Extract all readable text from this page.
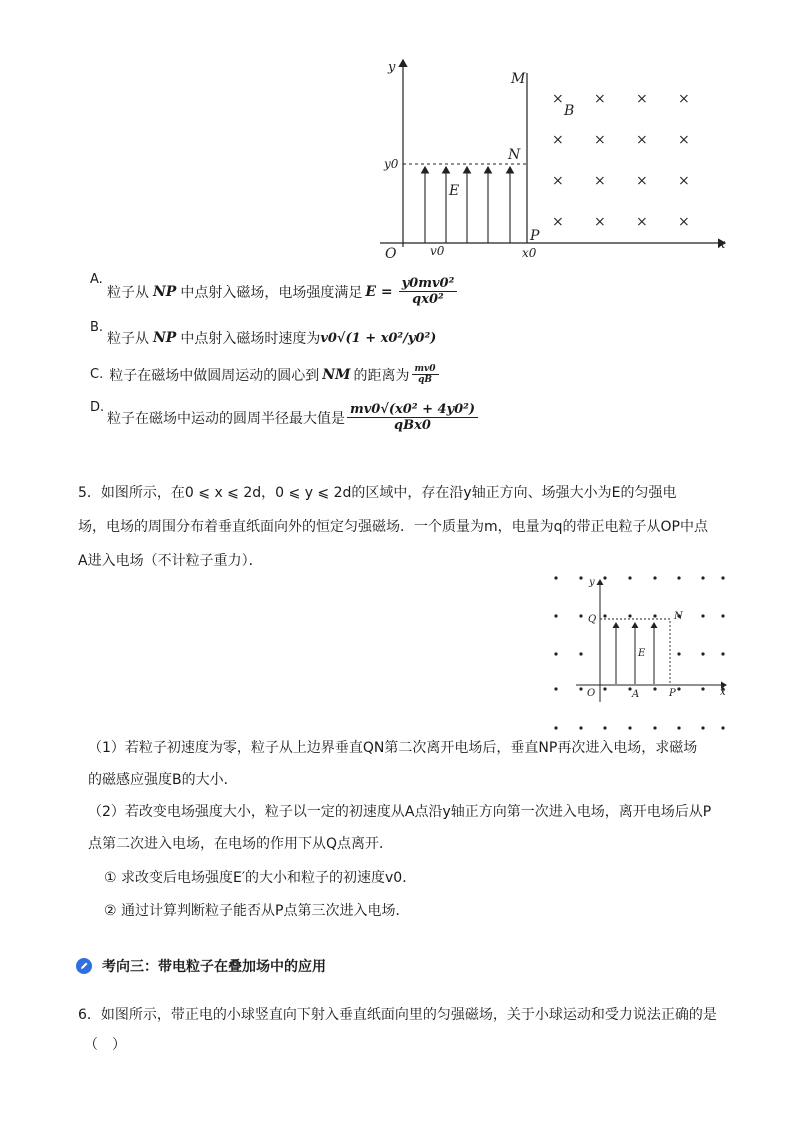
y
x
O
M
N
P
B
E
y0
v0	x0
× × × ×
× × × ×
× × × ×
× × × ×
A.
粒子从 NP 中点射入磁场，电场强度满足 $E = \frac{\text{y0mv0²}}{\text{qx0²}}$
B.
粒子从 NP 中点射入磁场时速度为 v0√(1 + x0²/y0²)
C. 粒子在磁场中做圆周运动的圆心到 NM 的距离为 $\frac{mv0}{qB}$
D.
粒子在磁场中运动的圆周半径最大值是 $\frac{\text{mv0√(x0² + 4y0²)}}{\text{qBx0}}$
5．如图所示，在0 ⩽ x ⩽ 2d，0 ⩽ y ⩽ 2d的区域中，存在沿y轴正方向、场强大小为E的匀强电
场，电场的周围分布着垂直纸面向外的恒定匀强磁场．一个质量为m，电量为q的带正电粒子从OP中点
A进入电场（不计粒子重力）．
y
x
O
Q	N
E
A	P
（1）若粒子初速度为零，粒子从上边界垂直QN第二次离开电场后，垂直NP再次进入电场，求磁场
的磁感应强度B的大小．
（2）若改变电场强度大小，粒子以一定的初速度从A点沿y轴正方向第一次进入电场，离开电场后从P
点第二次进入电场，在电场的作用下从Q点离开．
① 求改变后电场强度E′的大小和粒子的初速度v0．
② 通过计算判断粒子能否从P点第三次进入电场．
考向三：带电粒子在叠加场中的应用
6．如图所示，带正电的小球竖直向下射入垂直纸面向里的匀强磁场，关于小球运动和受力说法正确的是
（　）
